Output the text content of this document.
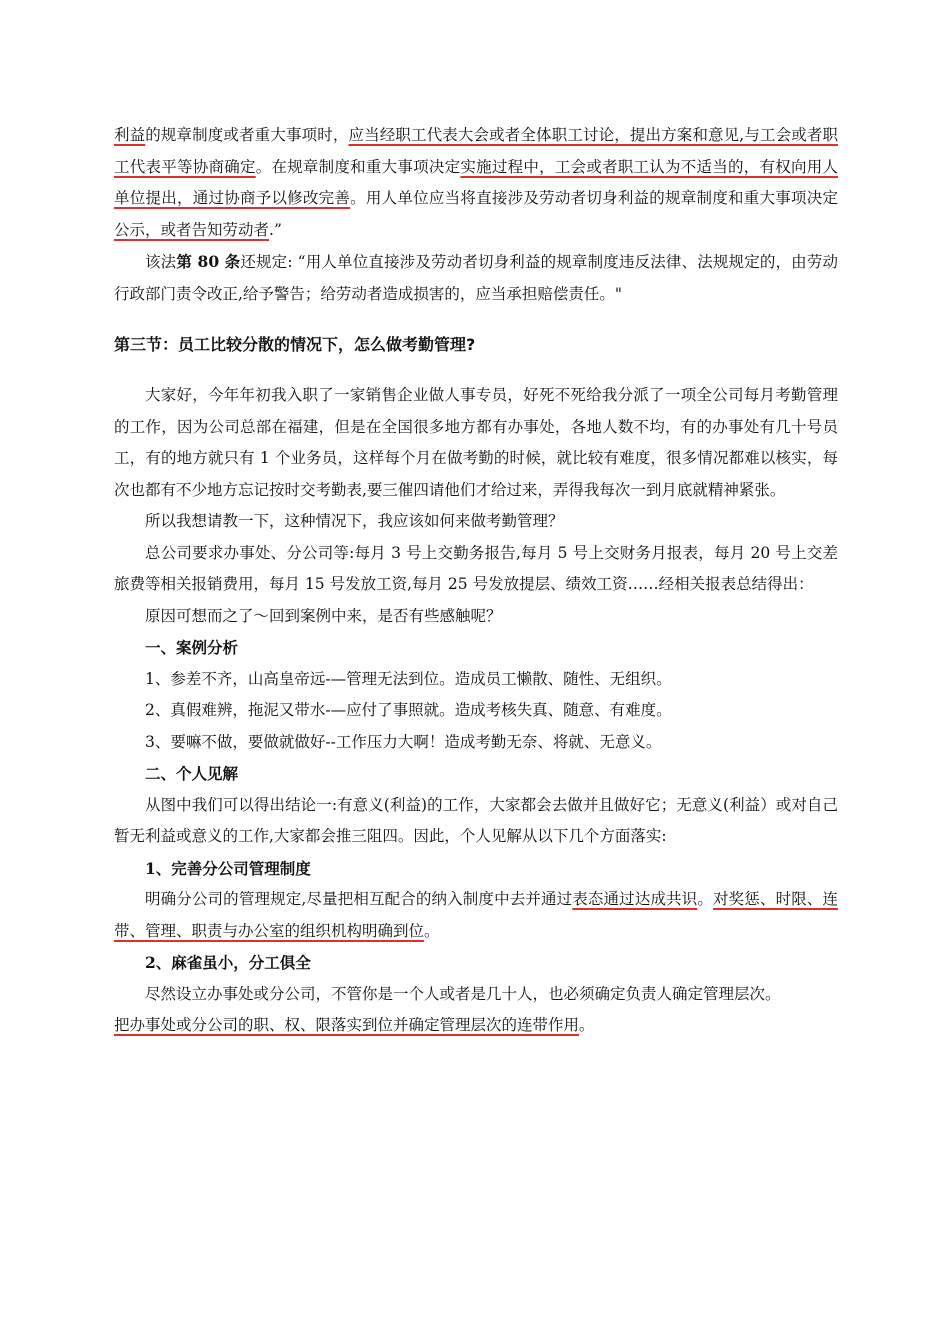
利益的规章制度或者重大事项时，应当经职工代表大会或者全体职工讨论，提出方案和意见,与工会或者职工代表平等协商确定。在规章制度和重大事项决定实施过程中，工会或者职工认为不适当的，有权向用人单位提出，通过协商予以修改完善。用人单位应当将直接涉及劳动者切身利益的规章制度和重大事项决定公示，或者告知劳动者.”

该法第 80 条还规定: “用人单位直接涉及劳动者切身利益的规章制度违反法律、法规规定的，由劳动行政部门责令改正,给予警告；给劳动者造成损害的，应当承担赔偿责任。"

第三节：员工比较分散的情况下，怎么做考勤管理?

大家好，今年年初我入职了一家销售企业做人事专员，好死不死给我分派了一项全公司每月考勤管理的工作，因为公司总部在福建，但是在全国很多地方都有办事处，各地人数不均，有的办事处有几十号员工，有的地方就只有 1 个业务员，这样每个月在做考勤的时候，就比较有难度，很多情况都难以核实，每次也都有不少地方忘记按时交考勤表,要三催四请他们才给过来，弄得我每次一到月底就精神紧张。

所以我想请教一下，这种情况下，我应该如何来做考勤管理？

总公司要求办事处、分公司等:每月 3 号上交勤务报告,每月 5 号上交财务月报表，每月 20 号上交差旅费等相关报销费用，每月 15 号发放工资,每月 25 号发放提层、绩效工资……经相关报表总结得出：

原因可想而之了～回到案例中来，是否有些感触呢？

一、案例分析

1、参差不齐，山高皇帝远-—管理无法到位。造成员工懒散、随性、无组织。

2、真假难辨，拖泥又带水-—应付了事照就。造成考核失真、随意、有难度。

3、要嘛不做，要做就做好--工作压力大啊！造成考勤无奈、将就、无意义。

二、个人见解

从图中我们可以得出结论一:有意义(利益)的工作，大家都会去做并且做好它；无意义(利益）或对自己暂无利益或意义的工作,大家都会推三阻四。因此，个人见解从以下几个方面落实:

1、完善分公司管理制度

明确分公司的管理规定,尽量把相互配合的纳入制度中去并通过表态通过达成共识。对奖惩、时限、连带、管理、职责与办公室的组织机构明确到位。

2、麻雀虽小，分工俱全

尽然设立办事处或分公司，不管你是一个人或者是几十人，也必须确定负责人确定管理层次。

把办事处或分公司的职、权、限落实到位并确定管理层次的连带作用。
